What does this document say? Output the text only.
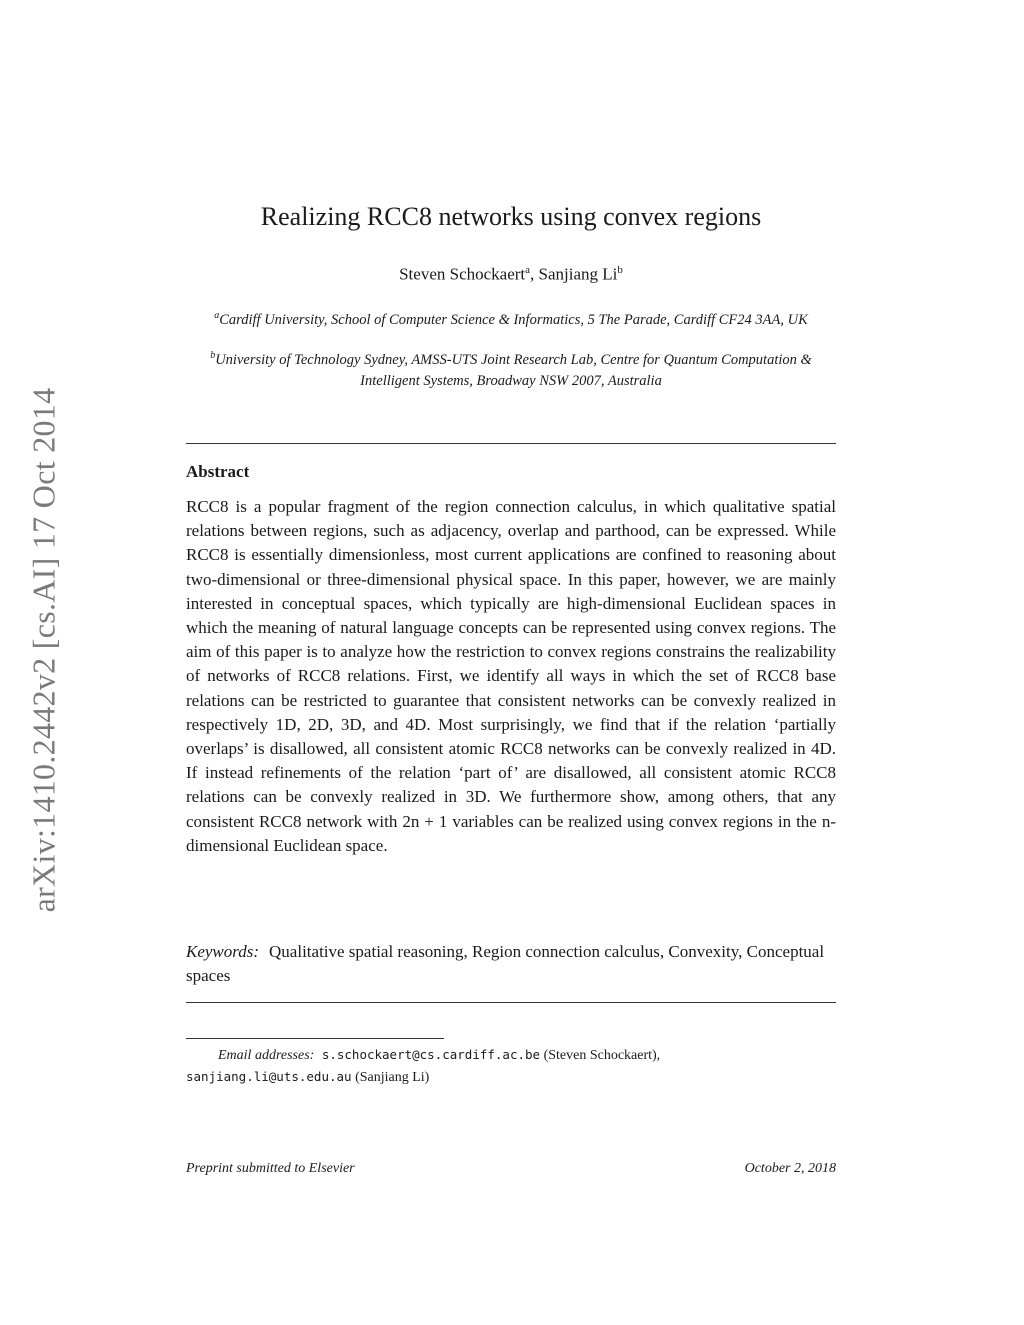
arXiv:1410.2442v2 [cs.AI] 17 Oct 2014
Realizing RCC8 networks using convex regions
Steven Schockaert$^a$, Sanjiang Li$^b$
$^a$Cardiff University, School of Computer Science & Informatics, 5 The Parade, Cardiff CF24 3AA, UK
$^b$University of Technology Sydney, AMSS-UTS Joint Research Lab, Centre for Quantum Computation & Intelligent Systems, Broadway NSW 2007, Australia
Abstract
RCC8 is a popular fragment of the region connection calculus, in which qualitative spatial relations between regions, such as adjacency, overlap and parthood, can be expressed. While RCC8 is essentially dimensionless, most current applications are confined to reasoning about two-dimensional or three-dimensional physical space. In this paper, however, we are mainly interested in conceptual spaces, which typically are high-dimensional Euclidean spaces in which the meaning of natural language concepts can be represented using convex regions. The aim of this paper is to analyze how the restriction to convex regions constrains the realizability of networks of RCC8 relations. First, we identify all ways in which the set of RCC8 base relations can be restricted to guarantee that consistent networks can be convexly realized in respectively 1D, 2D, 3D, and 4D. Most surprisingly, we find that if the relation ‘partially overlaps’ is disallowed, all consistent atomic RCC8 networks can be convexly realized in 4D. If instead refinements of the relation ‘part of’ are disallowed, all consistent atomic RCC8 relations can be convexly realized in 3D. We furthermore show, among others, that any consistent RCC8 network with 2n + 1 variables can be realized using convex regions in the n-dimensional Euclidean space.
Keywords: Qualitative spatial reasoning, Region connection calculus, Convexity, Conceptual spaces
Email addresses: s.schockaert@cs.cardiff.ac.be (Steven Schockaert),
sanjiang.li@uts.edu.au (Sanjiang Li)
Preprint submitted to Elsevier	October 2, 2018
